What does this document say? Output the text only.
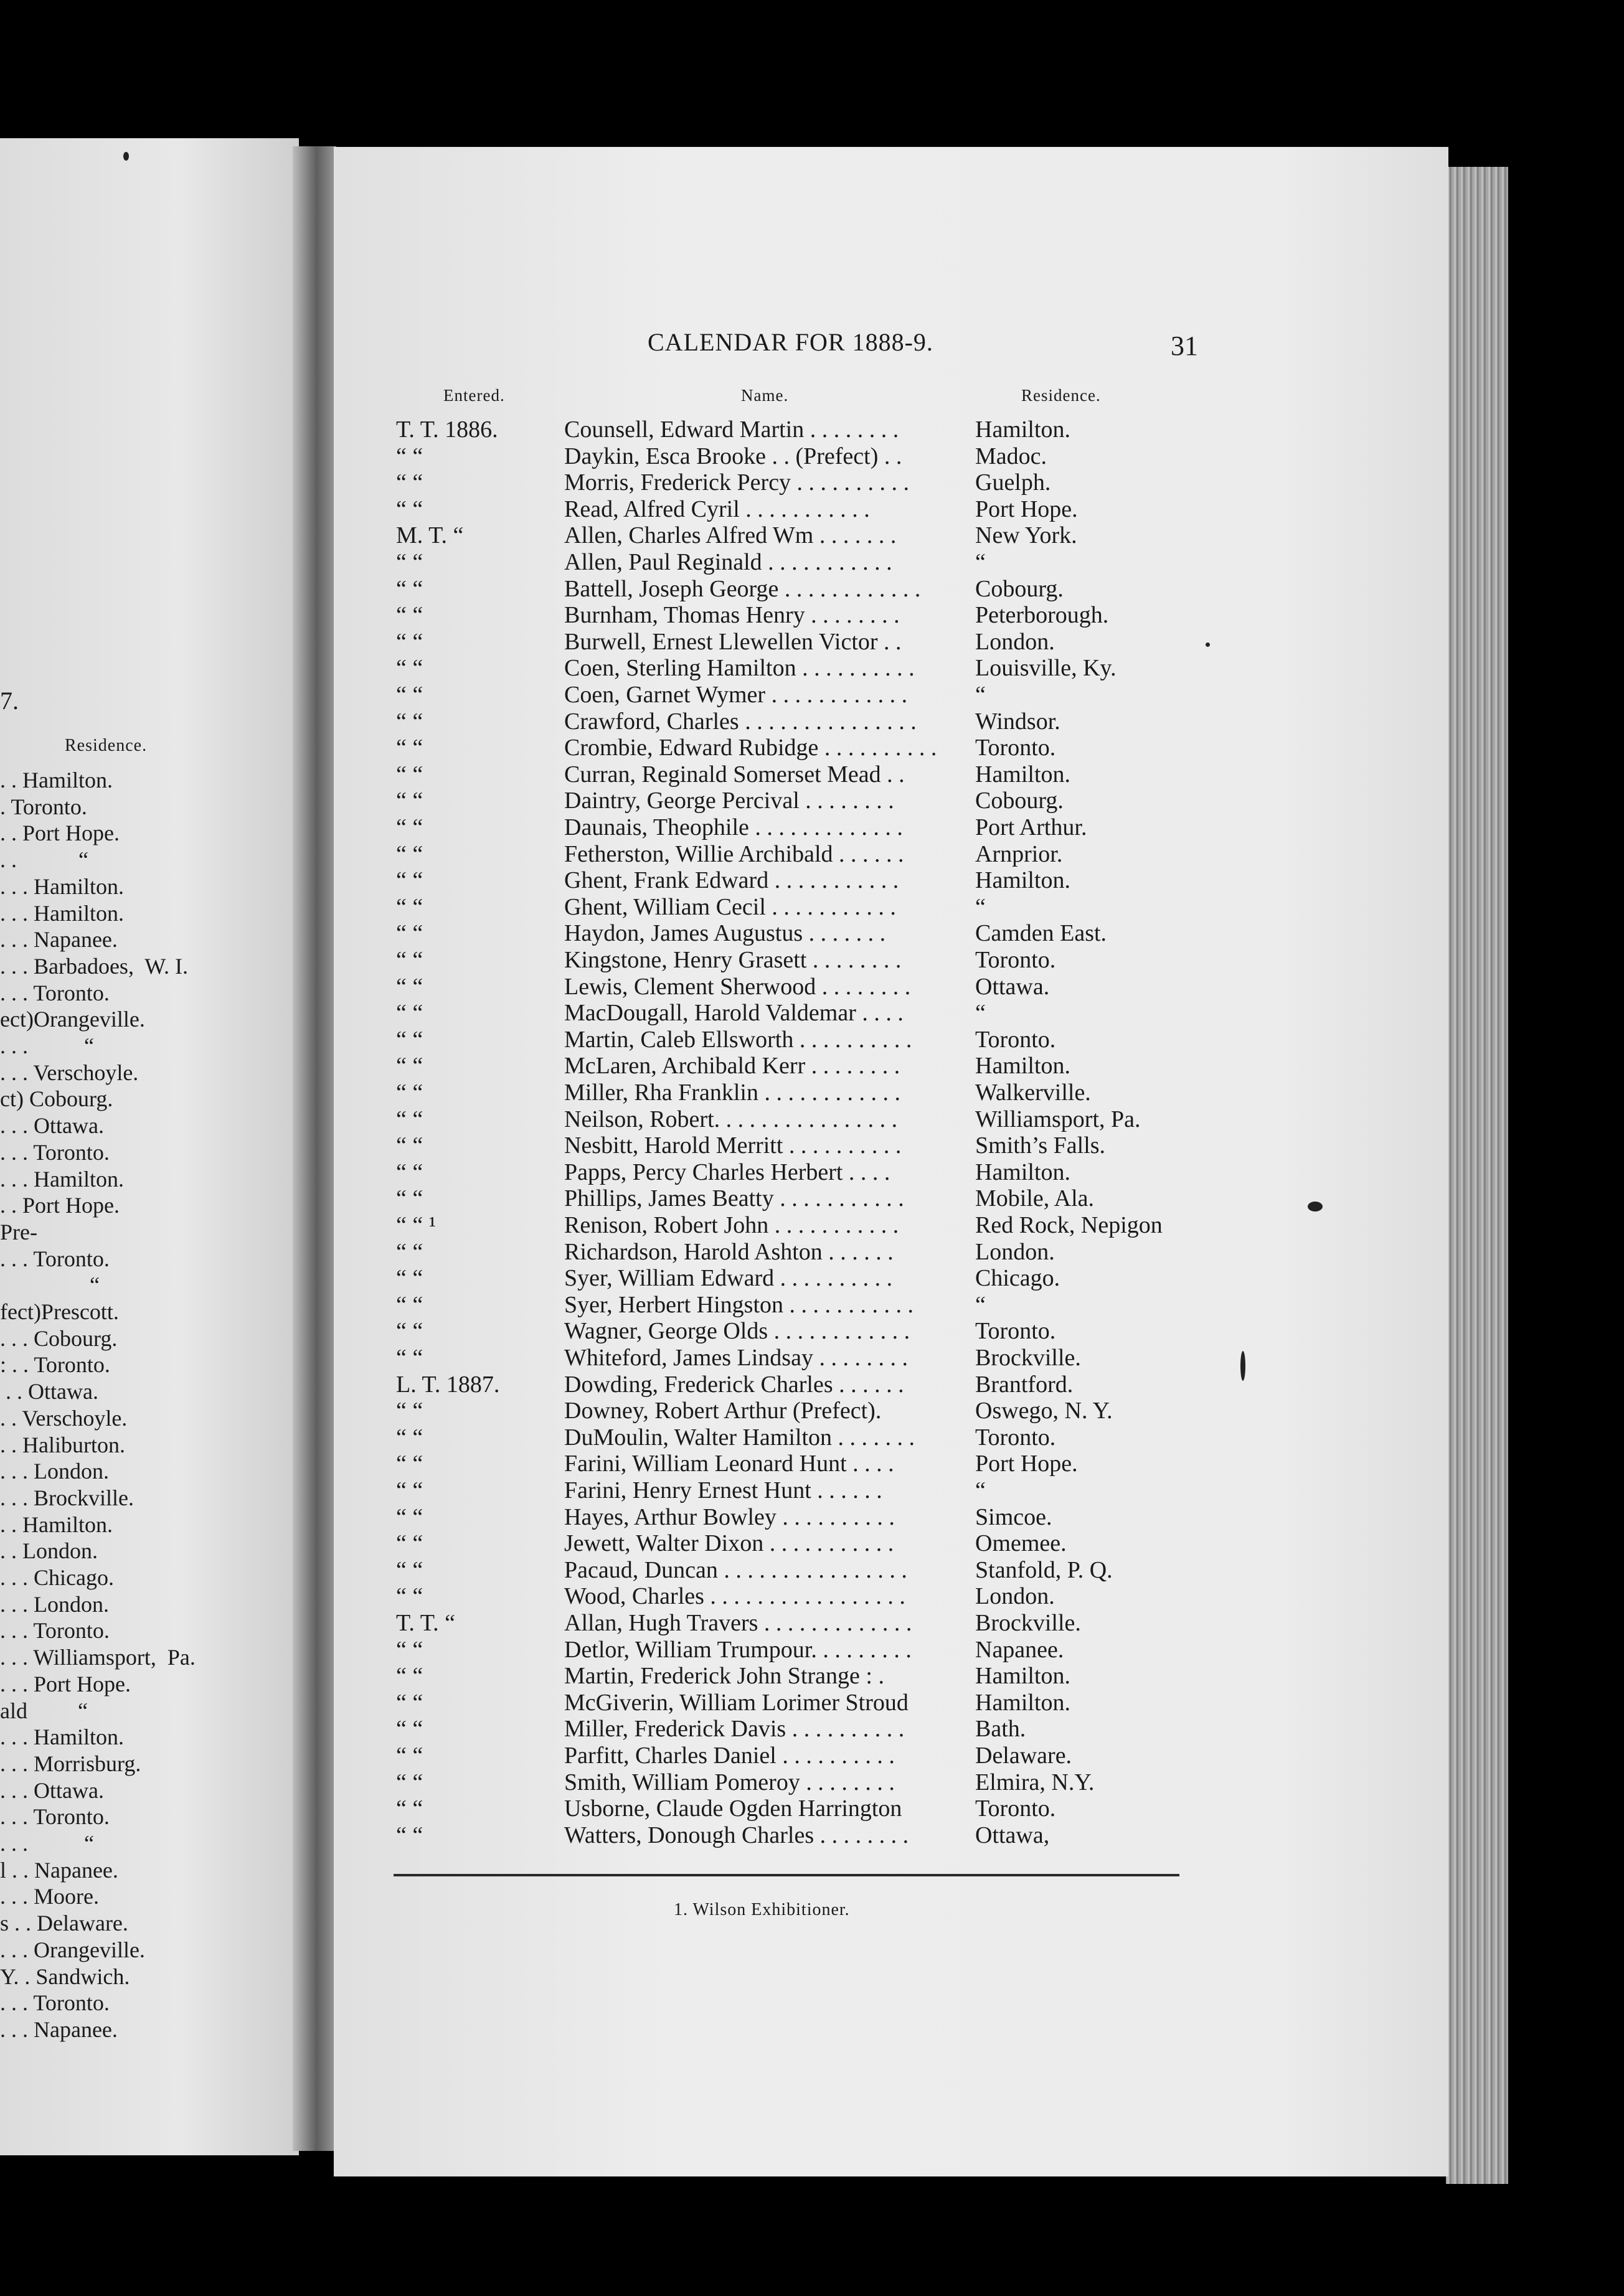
7.
Residence.
. . Hamilton.
. Toronto.
. . Port Hope.
. .           “
. . . Hamilton.
. . . Hamilton.
. . . Napanee.
. . . Barbadoes,  W. I.
. . . Toronto.
ect)Orangeville.
. . .          “
. . . Verschoyle.
ct) Cobourg.
. . . Ottawa.
. . . Toronto.
. . . Hamilton.
. . Port Hope.
Pre-
. . . Toronto.
“
fect)Prescott.
. . . Cobourg.
: . . Toronto.
. . Ottawa.
. . Verschoyle.
. . Haliburton.
. . . London.
. . . Brockville.
. . Hamilton.
. . London.
. . . Chicago.
. . . London.
. . . Toronto.
. . . Williamsport,  Pa.
. . . Port Hope.
ald         “
. . . Hamilton.
. . . Morrisburg.
. . . Ottawa.
. . . Toronto.
. . .          “
l . . Napanee.
. . . Moore.
s . . Delaware.
. . . Orangeville.
Y. . Sandwich.
. . . Toronto.
. . . Napanee.
CALENDAR FOR 1888-9.	31
Entered.	Name.	Residence.
T. T. 1886.	Counsell, Edward Martin . . . . . . . .	Hamilton.
“ “	Daykin, Esca Brooke . . (Prefect) . .	Madoc.
“ “	Morris, Frederick Percy . . . . . . . . . .	Guelph.
“ “	Read, Alfred Cyril . . . . . . . . . . .	Port Hope.
M. T. “	Allen, Charles Alfred Wm . . . . . . .	New York.
“ “	Allen, Paul Reginald . . . . . . . . . . .	“
“ “	Battell, Joseph George . . . . . . . . . . . .	Cobourg.
“ “	Burnham, Thomas Henry . . . . . . . .	Peterborough.
“ “	Burwell, Ernest Llewellen Victor . .	London.
“ “	Coen, Sterling Hamilton . . . . . . . . . .	Louisville, Ky.
“ “	Coen, Garnet Wymer . . . . . . . . . . . .	“
“ “	Crawford, Charles . . . . . . . . . . . . . . .	Windsor.
“ “	Crombie, Edward Rubidge . . . . . . . . . .	Toronto.
“ “	Curran, Reginald Somerset Mead . .	Hamilton.
“ “	Daintry, George Percival . . . . . . . .	Cobourg.
“ “	Daunais, Theophile . . . . . . . . . . . . .	Port Arthur.
“ “	Fetherston, Willie Archibald . . . . . .	Arnprior.
“ “	Ghent, Frank Edward . . . . . . . . . . .	Hamilton.
“ “	Ghent, William Cecil . . . . . . . . . . .	“
“ “	Haydon, James Augustus . . . . . . .	Camden East.
“ “	Kingstone, Henry Grasett . . . . . . . .	Toronto.
“ “	Lewis, Clement Sherwood . . . . . . . .	Ottawa.
“ “	MacDougall, Harold Valdemar . . . .	“
“ “	Martin, Caleb Ellsworth . . . . . . . . . .	Toronto.
“ “	McLaren, Archibald Kerr . . . . . . . .	Hamilton.
“ “	Miller, Rha Franklin . . . . . . . . . . . .	Walkerville.
“ “	Neilson, Robert. . . . . . . . . . . . . . . .	Williamsport, Pa.
“ “	Nesbitt, Harold Merritt . . . . . . . . . .	Smith’s Falls.
“ “	Papps, Percy Charles Herbert . . . .	Hamilton.
“ “	Phillips, James Beatty . . . . . . . . . . .	Mobile, Ala.
“ “ ¹	Renison, Robert John . . . . . . . . . . .	Red Rock, Nepigon
“ “	Richardson, Harold Ashton . . . . . .	London.
“ “	Syer, William Edward . . . . . . . . . .	Chicago.
“ “	Syer, Herbert Hingston . . . . . . . . . . .	“
“ “	Wagner, George Olds . . . . . . . . . . . .	Toronto.
“ “	Whiteford, James Lindsay . . . . . . . .	Brockville.
L. T. 1887.	Dowding, Frederick Charles . . . . . .	Brantford.
“ “	Downey, Robert Arthur (Prefect).	Oswego, N. Y.
“ “	DuMoulin, Walter Hamilton . . . . . . .	Toronto.
“ “	Farini, William Leonard Hunt . . . .	Port Hope.
“ “	Farini, Henry Ernest Hunt . . . . . .	“
“ “	Hayes, Arthur Bowley . . . . . . . . . .	Simcoe.
“ “	Jewett, Walter Dixon . . . . . . . . . . .	Omemee.
“ “	Pacaud, Duncan . . . . . . . . . . . . . . . .	Stanfold, P. Q.
“ “	Wood, Charles . . . . . . . . . . . . . . . . .	London.
T. T. “	Allan, Hugh Travers . . . . . . . . . . . . .	Brockville.
“ “	Detlor, William Trumpour. . . . . . . . .	Napanee.
“ “	Martin, Frederick John Strange : .	Hamilton.
“ “	McGiverin, William Lorimer Stroud	Hamilton.
“ “	Miller, Frederick Davis . . . . . . . . . .	Bath.
“ “	Parfitt, Charles Daniel . . . . . . . . . .	Delaware.
“ “	Smith, William Pomeroy . . . . . . . .	Elmira, N.Y.
“ “	Usborne, Claude Ogden Harrington	Toronto.
“ “	Watters, Donough Charles . . . . . . . .	Ottawa,
1. Wilson Exhibitioner.
